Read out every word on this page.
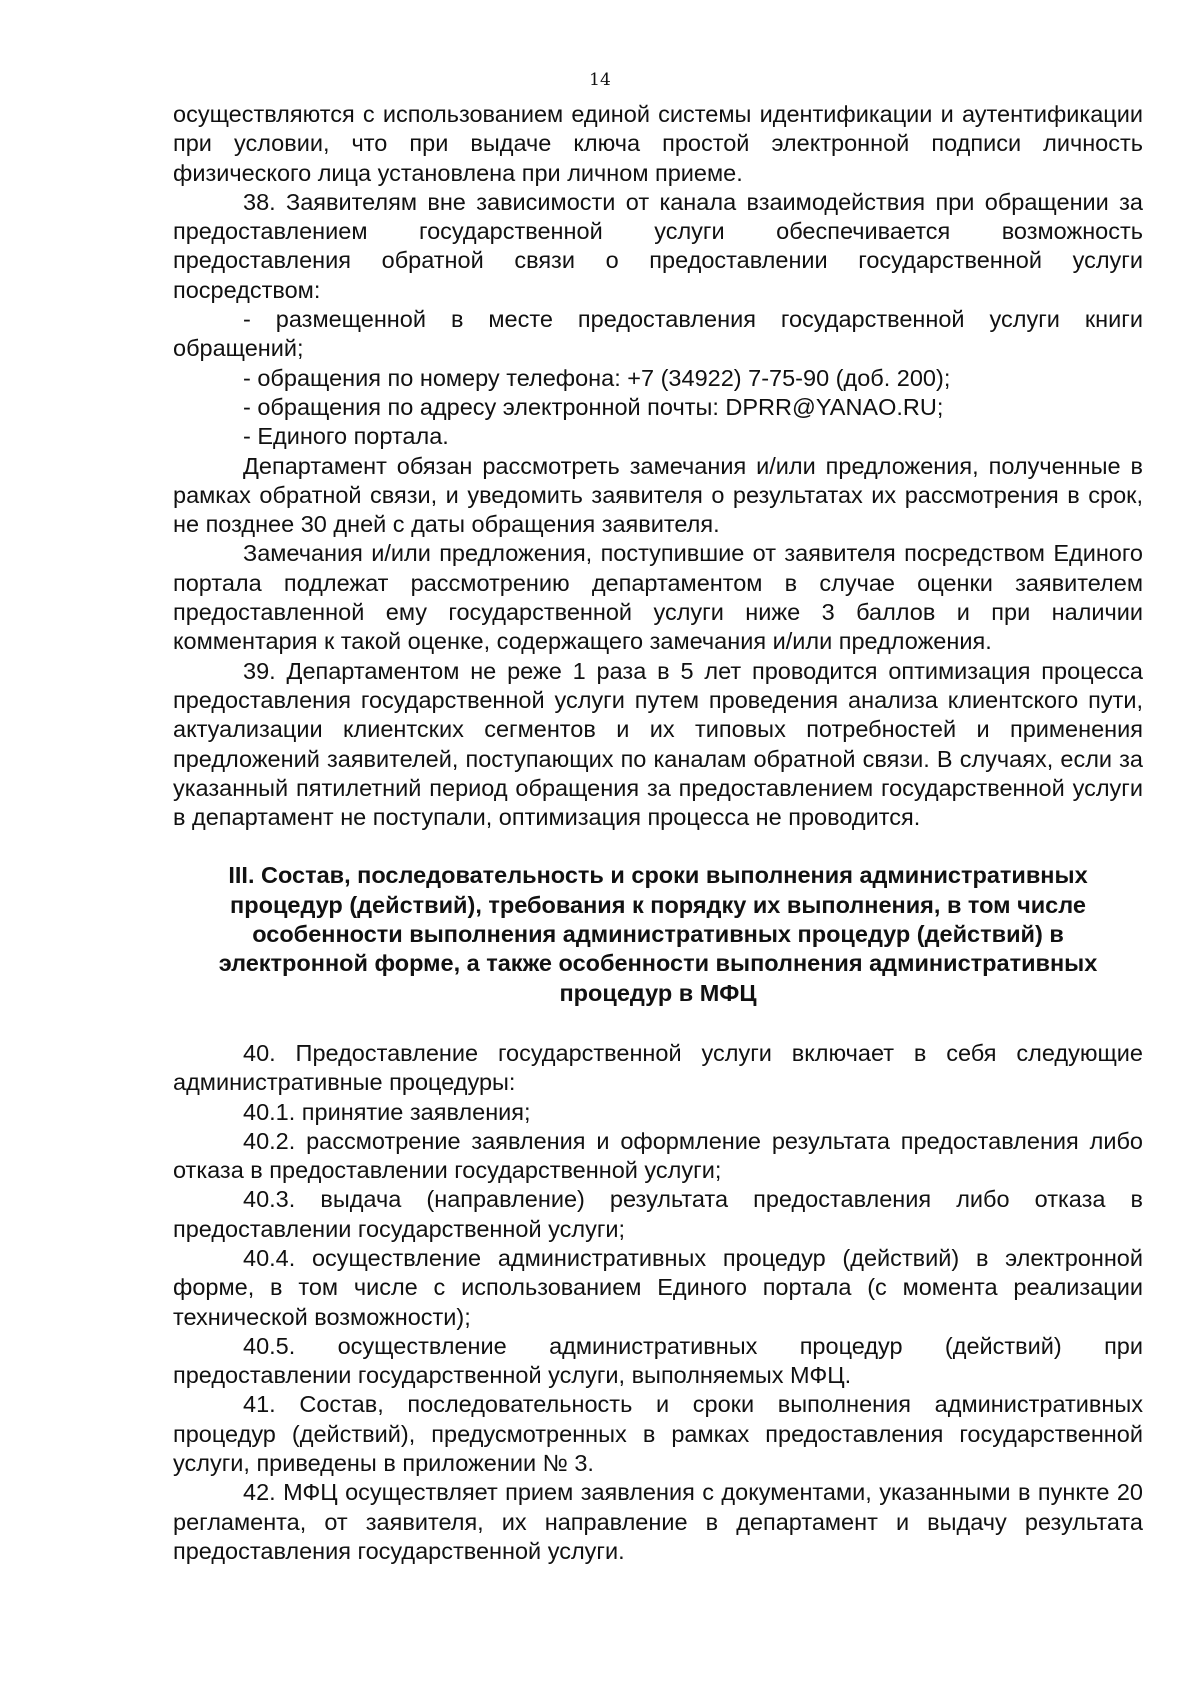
14

осуществляются с использованием единой системы идентификации и аутентификации при условии, что при выдаче ключа простой электронной подписи личность физического лица установлена при личном приеме.

38. Заявителям вне зависимости от канала взаимодействия при обращении за предоставлением государственной услуги обеспечивается возможность предоставления обратной связи о предоставлении государственной услуги посредством:

- размещенной в месте предоставления государственной услуги книги обращений;

- обращения по номеру телефона: +7 (34922) 7-75-90 (доб. 200);

- обращения по адресу электронной почты: DPRR@YANAO.RU;

- Единого портала.

Департамент обязан рассмотреть замечания и/или предложения, полученные в рамках обратной связи, и уведомить заявителя о результатах их рассмотрения в срок, не позднее 30 дней с даты обращения заявителя.

Замечания и/или предложения, поступившие от заявителя посредством Единого портала подлежат рассмотрению департаментом в случае оценки заявителем предоставленной ему государственной услуги ниже 3 баллов и при наличии комментария к такой оценке, содержащего замечания и/или предложения.

39. Департаментом не реже 1 раза в 5 лет проводится оптимизация процесса предоставления государственной услуги путем проведения анализа клиентского пути, актуализации клиентских сегментов и их типовых потребностей и применения предложений заявителей, поступающих по каналам обратной связи. В случаях, если за указанный пятилетний период обращения за предоставлением государственной услуги в департамент не поступали, оптимизация процесса не проводится.

III. Состав, последовательность и сроки выполнения административных процедур (действий), требования к порядку их выполнения, в том числе особенности выполнения административных процедур (действий) в электронной форме, а также особенности выполнения административных процедур в МФЦ

40. Предоставление государственной услуги включает в себя следующие административные процедуры:

40.1. принятие заявления;

40.2. рассмотрение заявления и оформление результата предоставления либо отказа в предоставлении государственной услуги;

40.3. выдача (направление) результата предоставления либо отказа в предоставлении государственной услуги;

40.4. осуществление административных процедур (действий) в электронной форме, в том числе с использованием Единого портала (с момента реализации технической возможности);

40.5. осуществление административных процедур (действий) при предоставлении государственной услуги, выполняемых МФЦ.

41. Состав, последовательность и сроки выполнения административных процедур (действий), предусмотренных в рамках предоставления государственной услуги, приведены в приложении № 3.

42. МФЦ осуществляет прием заявления с документами, указанными в пункте 20 регламента, от заявителя, их направление в департамент и выдачу результата предоставления государственной услуги.
